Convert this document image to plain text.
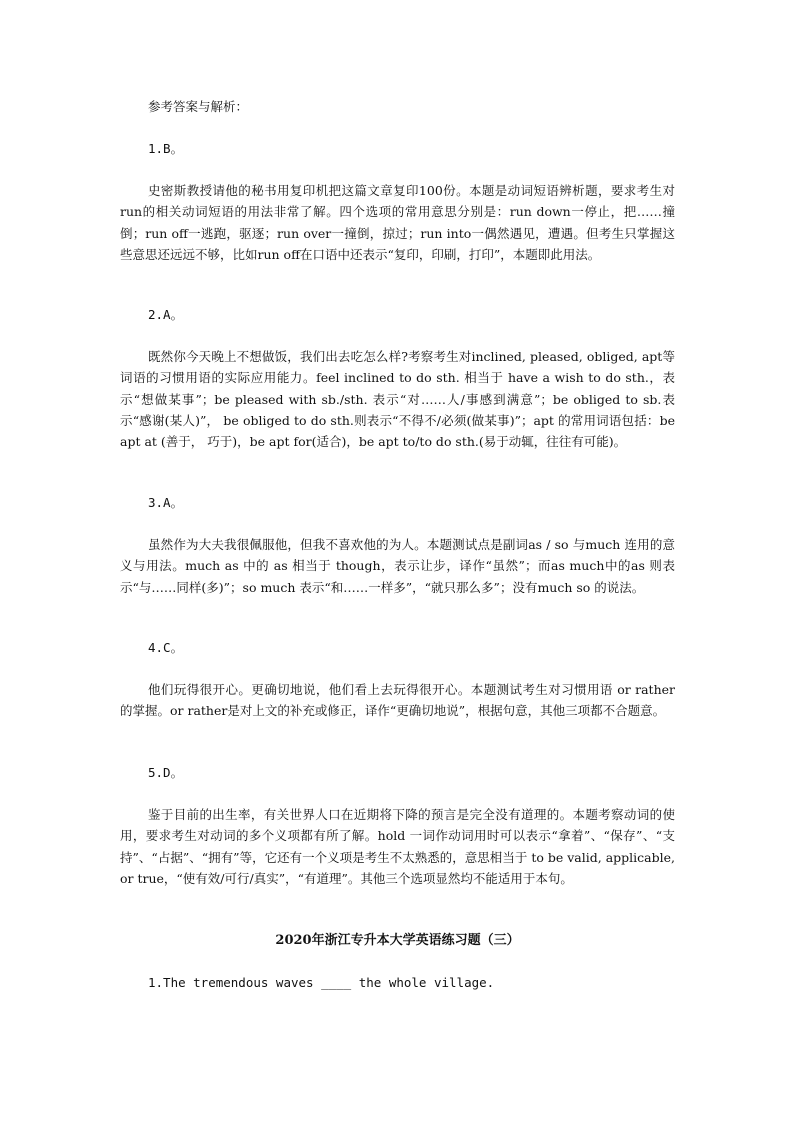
参考答案与解析：
1.B。
史密斯教授请他的秘书用复印机把这篇文章复印100份。本题是动词短语辨析题，要求考生对run的相关动词短语的用法非常了解。四个选项的常用意思分别是：run down一停止，把……撞倒；run off一逃跑，驱逐；run over一撞倒，掠过；run into一偶然遇见，遭遇。但考生只掌握这些意思还远远不够，比如run off在口语中还表示“复印，印刷，打印”，本题即此用法。
2.A。
既然你今天晚上不想做饭，我们出去吃怎么样?考察考生对inclined, pleased, obliged, apt等词语的习惯用语的实际应用能力。feel inclined to do sth. 相当于 have a wish to do sth.，表示“想做某事”；be pleased with sb./sth. 表示“对……人/事感到满意”；be obliged to sb.表示“感谢(某人)”， be obliged to do sth.则表示“不得不/必须(做某事)”；apt 的常用词语包括：be apt at (善于， 巧于)，be apt for(适合)，be apt to/to do sth.(易于动辄，往往有可能)。
3.A。
虽然作为大夫我很佩服他，但我不喜欢他的为人。本题测试点是副词as / so 与much 连用的意义与用法。much as 中的 as 相当于 though，表示让步，译作“虽然”；而as much中的as 则表示“与……同样(多)”；so much 表示“和……一样多”，“就只那么多”；没有much so 的说法。
4.C。
他们玩得很开心。更确切地说，他们看上去玩得很开心。本题测试考生对习惯用语 or rather 的掌握。or rather是对上文的补充或修正，译作“更确切地说”，根据句意，其他三项都不合题意。
5.D。
鉴于目前的出生率，有关世界人口在近期将下降的预言是完全没有道理的。本题考察动词的使用，要求考生对动词的多个义项都有所了解。hold 一词作动词用时可以表示“拿着”、“保存”、“支持”、“占据”、“拥有”等，它还有一个义项是考生不太熟悉的，意思相当于 to be valid, applicable, or true，“使有效/可行/真实”，“有道理”。其他三个选项显然均不能适用于本句。
2020年浙江专升本大学英语练习题（三）
1.The tremendous waves ____ the whole village.
